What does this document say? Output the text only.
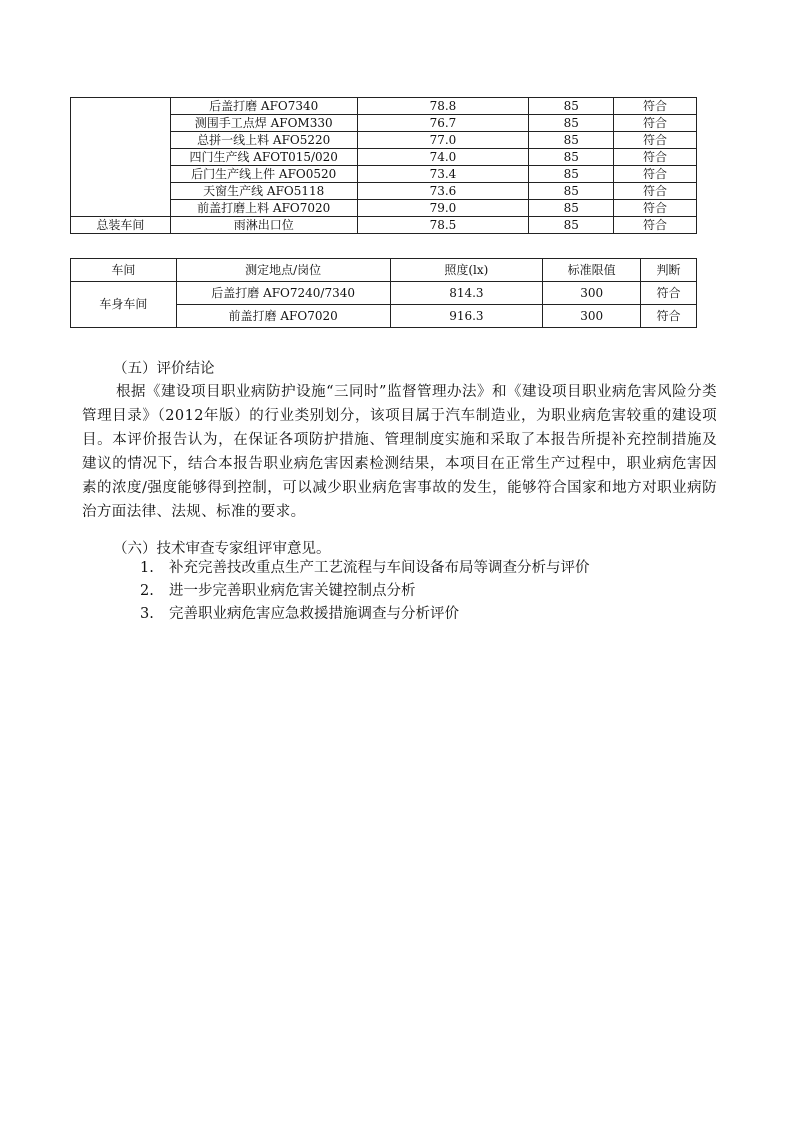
	后盖打磨 AFO7340	78.8	85	符合
	测围手工点焊 AFOM330	76.7	85	符合
	总拼一线上料 AFO5220	77.0	85	符合
	四门生产线 AFOT015/020	74.0	85	符合
	后门生产线上件 AFO0520	73.4	85	符合
	天窗生产线 AFO5118	73.6	85	符合
	前盖打磨上料 AFO7020	79.0	85	符合
总装车间	雨淋出口位	78.5	85	符合
车间	测定地点/岗位	照度(lx)	标准限值	判断
车身车间	后盖打磨 AFO7240/7340	814.3	300	符合
	前盖打磨 AFO7020	916.3	300	符合
（五）评价结论
根据《建设项目职业病防护设施“三同时”监督管理办法》和《建设项目职业病危害风险分类管理目录》（2012年版）的行业类别划分，该项目属于汽车制造业，为职业病危害较重的建设项目。本评价报告认为，在保证各项防护措施、管理制度实施和采取了本报告所提补充控制措施及建议的情况下，结合本报告职业病危害因素检测结果，本项目在正常生产过程中，职业病危害因素的浓度/强度能够得到控制，可以减少职业病危害事故的发生，能够符合国家和地方对职业病防治方面法律、法规、标准的要求。
（六）技术审查专家组评审意见。
1. 补充完善技改重点生产工艺流程与车间设备布局等调查分析与评价
2. 进一步完善职业病危害关键控制点分析
3. 完善职业病危害应急救援措施调查与分析评价
